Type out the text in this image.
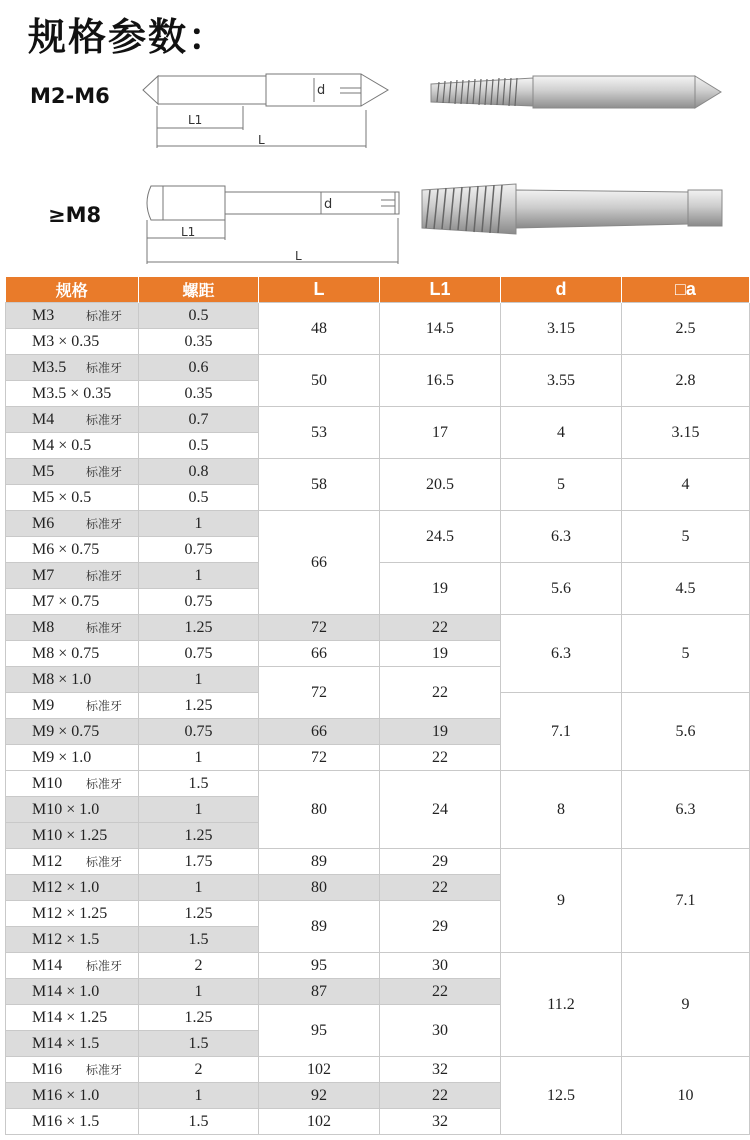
规格参数：
M2-M6
≥M8
d
L1
L
d
L1
L
规格	螺距	L	L1	d	□a
M3 标准牙	0.5	48	14.5	3.15	2.5
M3 × 0.35	0.35				
M3.5 标准牙	0.6	50	16.5	3.55	2.8
M3.5 × 0.35	0.35				
M4 标准牙	0.7	53	17	4	3.15
M4 × 0.5	0.5				
M5 标准牙	0.8	58	20.5	5	4
M5 × 0.5	0.5				
M6 标准牙	1	66	24.5	6.3	5
M6 × 0.75	0.75				
M7 标准牙	1		19	5.6	4.5
M7 × 0.75	0.75				
M8 标准牙	1.25	72	22	6.3	5
M8 × 0.75	0.75	66	19		
M8 × 1.0	1	72	22		
M9 标准牙	1.25			7.1	5.6
M9 × 0.75	0.75	66	19		
M9 × 1.0	1	72	22		
M10 标准牙	1.5	80	24	8	6.3
M10 × 1.0	1				
M10 × 1.25	1.25				
M12 标准牙	1.75	89	29	9	7.1
M12 × 1.0	1	80	22		
M12 × 1.25	1.25	89	29		
M12 × 1.5	1.5				
M14 标准牙	2	95	30	11.2	9
M14 × 1.0	1	87	22		
M14 × 1.25	1.25	95	30		
M14 × 1.5	1.5				
M16 标准牙	2	102	32	12.5	10
M16 × 1.0	1	92	22		
M16 × 1.5	1.5	102	32		
